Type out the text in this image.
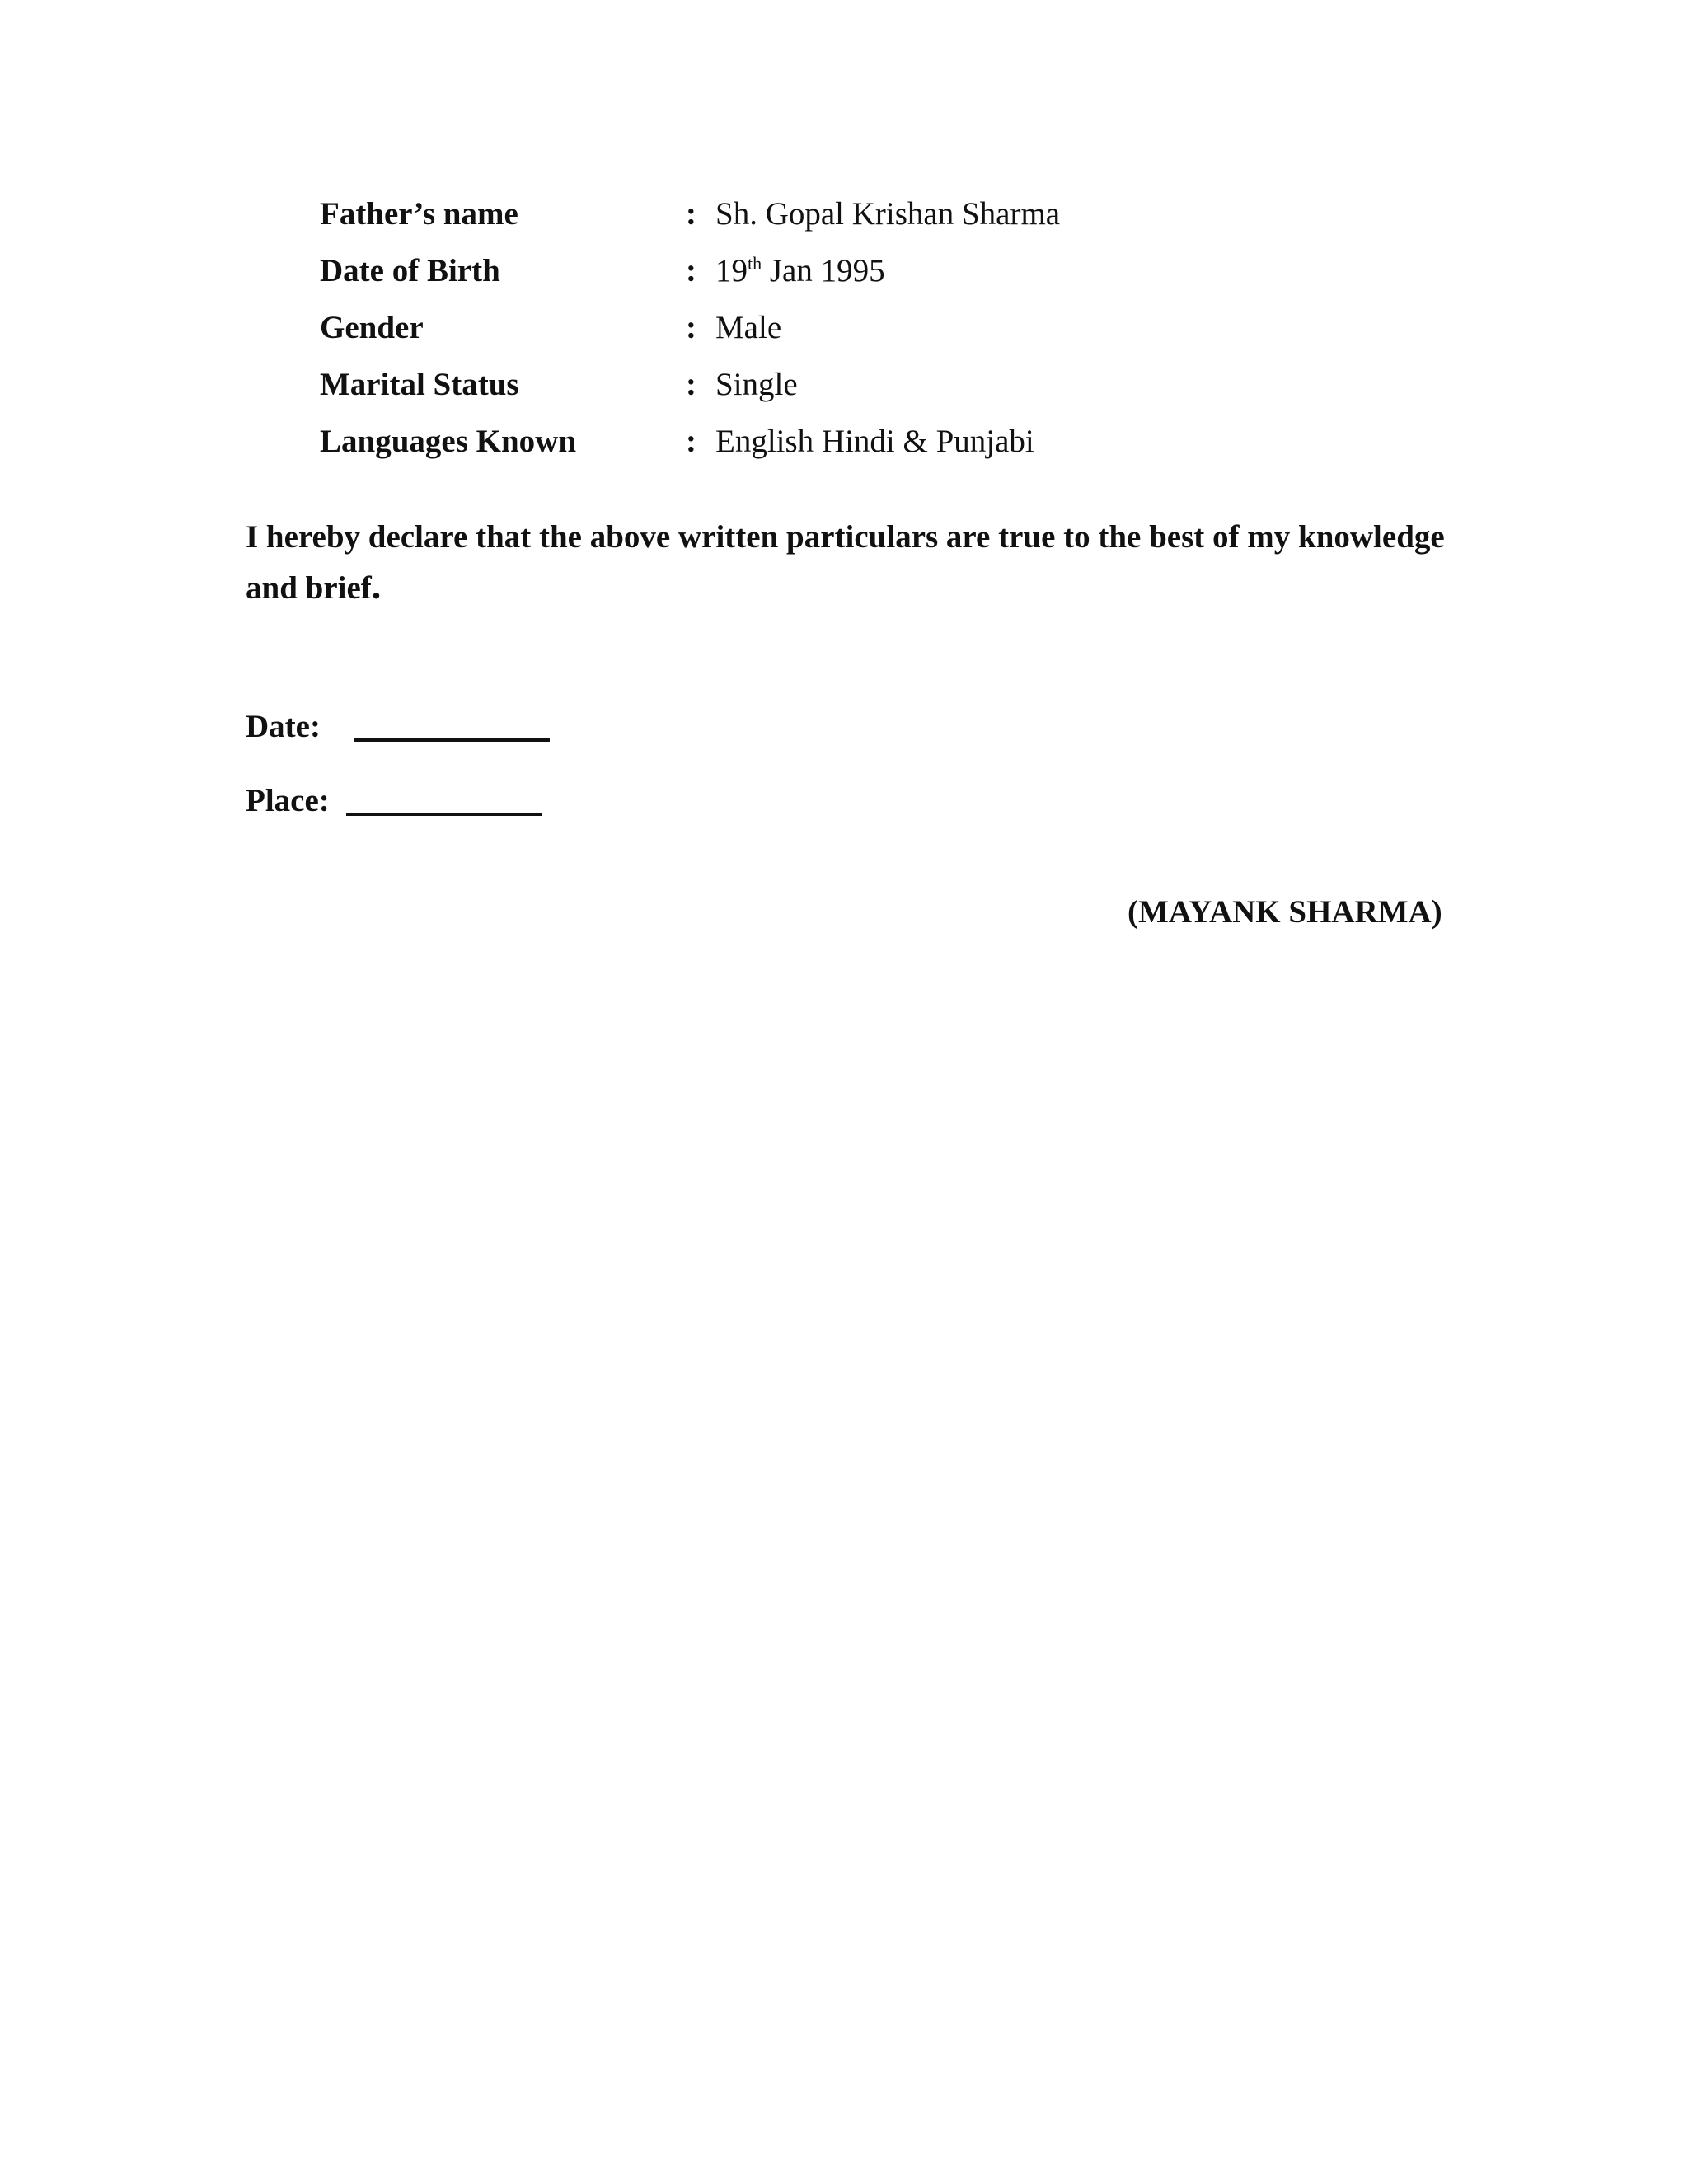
Father’s name	: Sh. Gopal Krishan Sharma
Date of Birth	: 19th Jan 1995
Gender	: Male
Marital Status	: Single
Languages Known	: English Hindi & Punjabi
I hereby declare that the above written particulars are true to the best of my knowledge and brief.
Date:
Place:
(MAYANK SHARMA)
